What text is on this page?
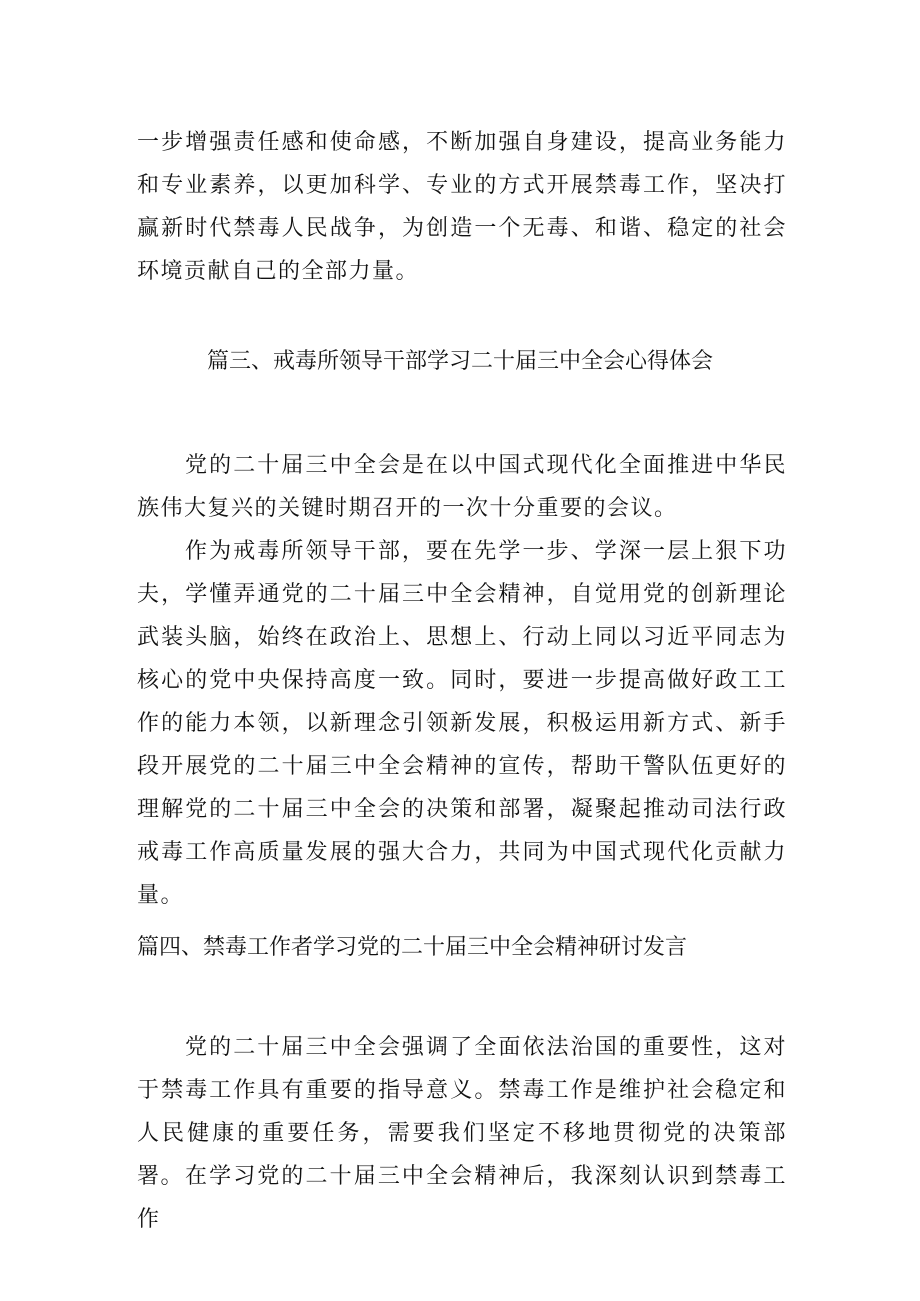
一步增强责任感和使命感，不断加强自身建设，提高业务能力和专业素养，以更加科学、专业的方式开展禁毒工作，坚决打赢新时代禁毒人民战争，为创造一个无毒、和谐、稳定的社会环境贡献自己的全部力量。

篇三、戒毒所领导干部学习二十届三中全会心得体会

党的二十届三中全会是在以中国式现代化全面推进中华民族伟大复兴的关键时期召开的一次十分重要的会议。

作为戒毒所领导干部，要在先学一步、学深一层上狠下功夫，学懂弄通党的二十届三中全会精神，自觉用党的创新理论武装头脑，始终在政治上、思想上、行动上同以习近平同志为核心的党中央保持高度一致。同时，要进一步提高做好政工工作的能力本领，以新理念引领新发展，积极运用新方式、新手段开展党的二十届三中全会精神的宣传，帮助干警队伍更好的理解党的二十届三中全会的决策和部署，凝聚起推动司法行政戒毒工作高质量发展的强大合力，共同为中国式现代化贡献力量。

篇四、禁毒工作者学习党的二十届三中全会精神研讨发言

党的二十届三中全会强调了全面依法治国的重要性，这对于禁毒工作具有重要的指导意义。禁毒工作是维护社会稳定和人民健康的重要任务，需要我们坚定不移地贯彻党的决策部署。 在学习党的二十届三中全会精神后，我深刻认识到禁毒工作
